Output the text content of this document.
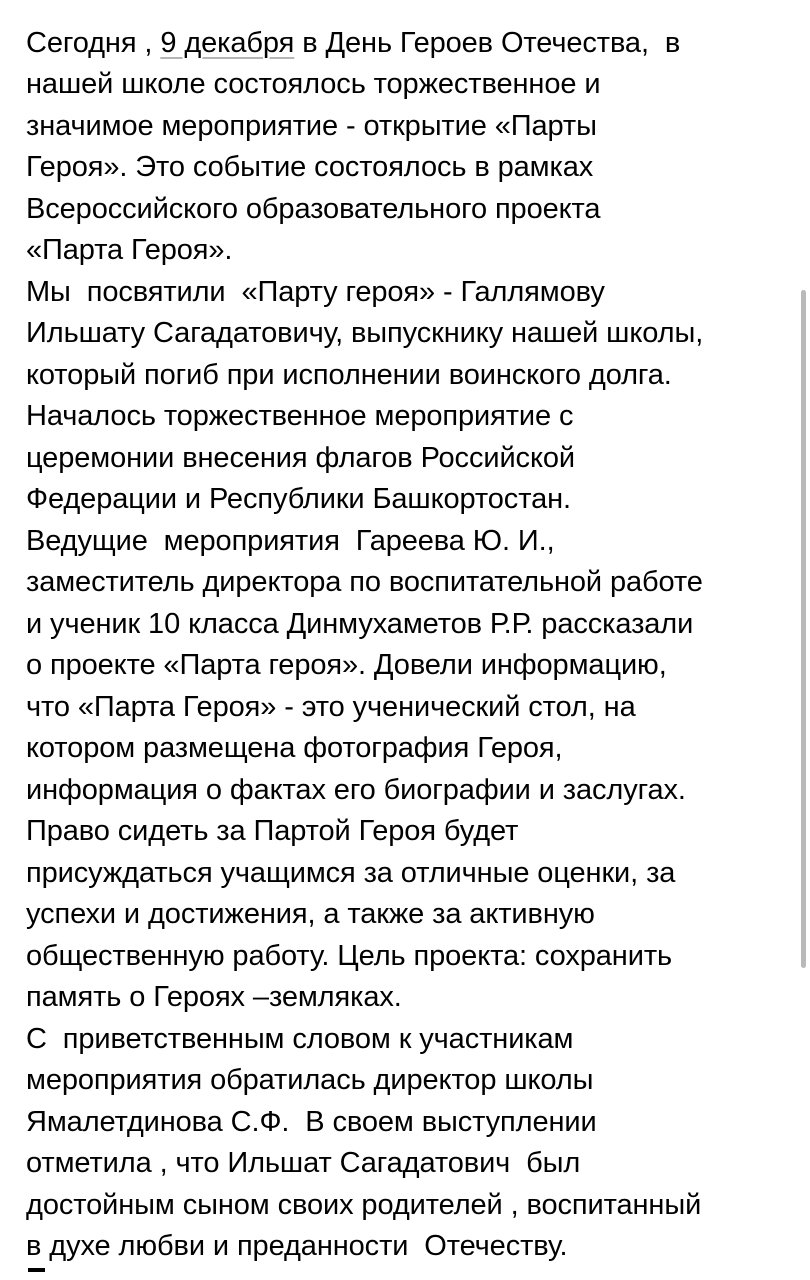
Сегодня , 9 декабря в День Героев Отечества,  в
нашей школе состоялось торжественное и
значимое мероприятие - открытие «Парты
Героя». Это событие состоялось в рамках
Всероссийского образовательного проекта
«Парта Героя».
Мы  посвятили  «Парту героя» - Галлямову
Ильшату Сагадатовичу, выпускнику нашей школы,
который погиб при исполнении воинского долга.
Началось торжественное мероприятие с
церемонии внесения флагов Российской
Федерации и Республики Башкортостан.
Ведущие  мероприятия  Гареева Ю. И.,
заместитель директора по воспитательной работе
и ученик 10 класса Динмухаметов Р.Р. рассказали
о проекте «Парта героя». Довели информацию,
что «Парта Героя» - это ученический стол, на
котором размещена фотография Героя,
информация о фактах его биографии и заслугах.
Право сидеть за Партой Героя будет
присуждаться учащимся за отличные оценки, за
успехи и достижения, а также за активную
общественную работу. Цель проекта: сохранить
память о Героях –земляках.
С  приветственным словом к участникам
мероприятия обратилась директор школы
Ямалетдинова С.Ф.  В своем выступлении
отметила , что Ильшат Сагадатович  был
достойным сыном своих родителей , воспитанный
в духе любви и преданности  Отечеству.
